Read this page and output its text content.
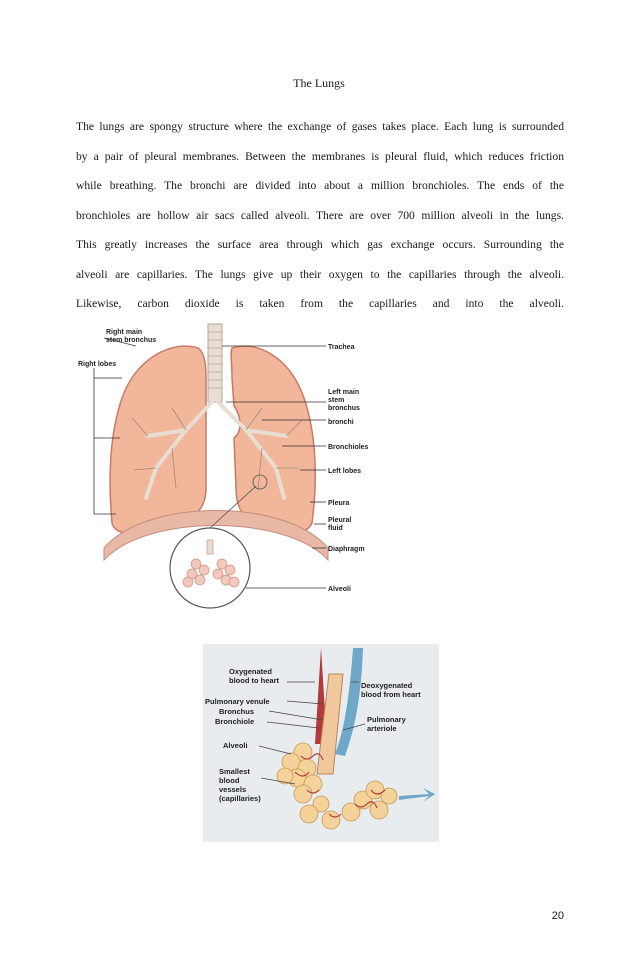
The Lungs
The lungs are spongy structure where the exchange of gases takes place. Each lung is surrounded
by a pair of pleural membranes. Between the membranes is pleural fluid, which reduces friction
while breathing. The bronchi are divided into about a million bronchioles. The ends of the
bronchioles are hollow air sacs called alveoli. There are over 700 million alveoli in the lungs.
This greatly increases the surface area through which gas exchange occurs. Surrounding the
alveoli are capillaries. The lungs give up their oxygen to the capillaries through the alveoli.
Likewise, carbon dioxide is taken from the capillaries and into the alveoli.
Right main
stem bronchus
Right lobes
Trachea
Left main
stem
bronchus
bronchi
Bronchioles
Left lobes
Pleura
Pleural
fluid
Diaphragm
Alveoli
Oxygenated
blood to heart
Deoxygenated
blood from heart
Pulmonary venule
Bronchus
Bronchiole	Pulmonary
arteriole
Alveoli
Smallest
blood
vessels
(capillaries)
20
